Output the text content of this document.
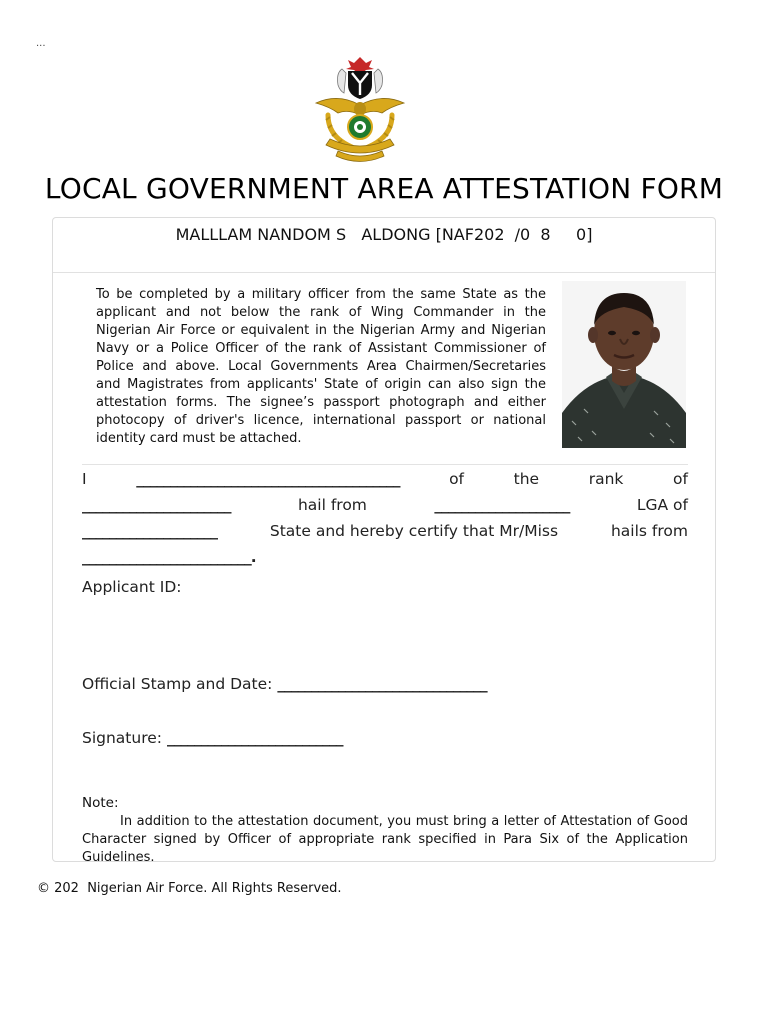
...
LOCAL GOVERNMENT AREA ATTESTATION FORM
MALLLAM NANDOM S   ALDONG [NAF202  /0  8     0]
To be completed by a military officer from the same State as the applicant and not below the rank of Wing Commander in the Nigerian Air Force or equivalent in the Nigerian Army and Nigerian Navy or a Police Officer of the rank of Assistant Commissioner of Police and above. Local Governments Area Chairmen/Secretaries and Magistrates from applicants' State of origin can also sign the attestation forms. The signee’s passport photograph and either photocopy of driver's licence, international passport or national identity card must be attached.
I	_______________________________________	of	the	rank	of
______________________	hail from	____________________	LGA of
____________________	State and hereby certify that Mr/Miss	hails from
_________________________.
Applicant ID:
Official Stamp and Date: _______________________________
Signature: __________________________
Note:
In addition to the attestation document, you must bring a letter of Attestation of Good Character signed by Officer of appropriate rank specified in Para Six of the Application Guidelines.
© 202  Nigerian Air Force. All Rights Reserved.
